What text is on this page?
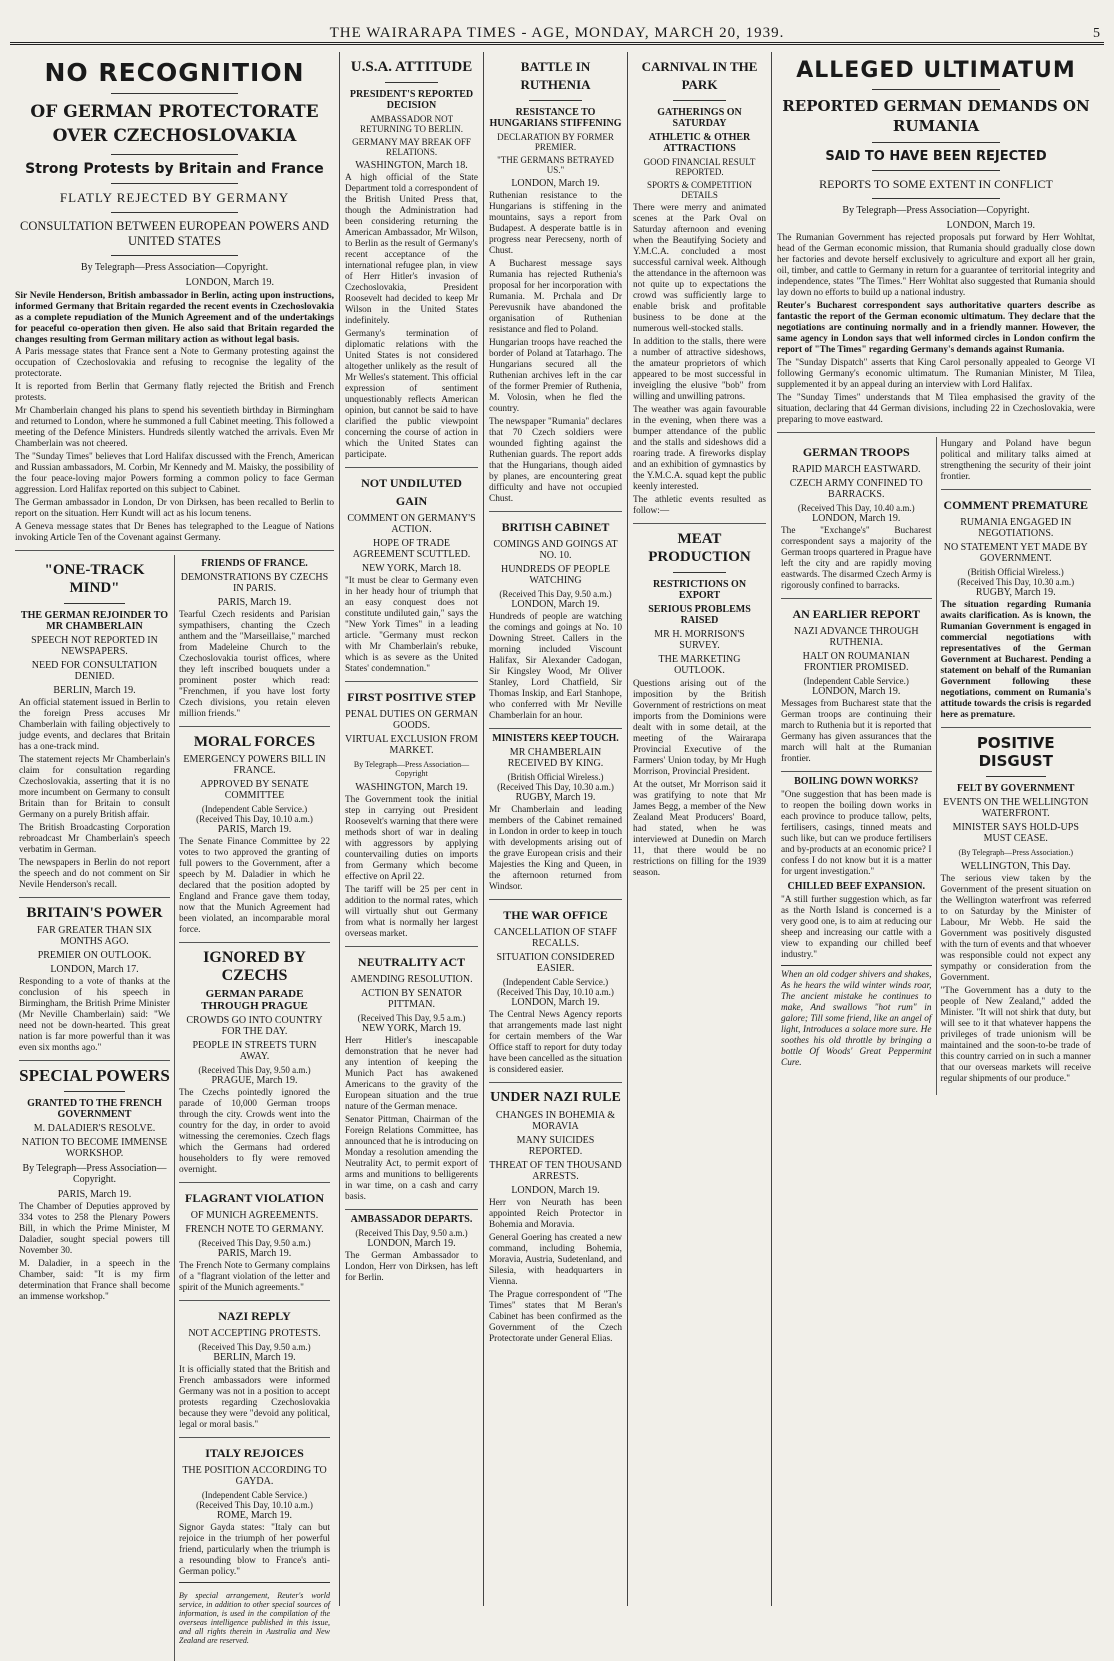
THE WAIRARAPA TIMES - AGE, MONDAY, MARCH 20, 1939.	5
NO RECOGNITION
OF GERMAN PROTECTORATE OVER CZECHOSLOVAKIA
Strong Protests by Britain and France
FLATLY REJECTED BY GERMANY
CONSULTATION BETWEEN EUROPEAN POWERS AND UNITED STATES
By Telegraph—Press Association—Copyright.
LONDON, March 19.

Sir Nevile Henderson, British ambassador in Berlin, acting upon instructions, informed Germany that Britain regarded the recent events in Czechoslovakia as a complete repudiation of the Munich Agreement and of the undertakings for peaceful co-operation then given. He also said that Britain regarded the changes resulting from German military action as without legal basis.

A Paris message states that France sent a Note to Germany protesting against the occupation of Czechoslovakia and refusing to recognise the legality of the protectorate.

It is reported from Berlin that Germany flatly rejected the British and French protests.

Mr Chamberlain changed his plans to spend his seventieth birthday in Birmingham and returned to London, where he summoned a full Cabinet meeting. This followed a meeting of the Defence Ministers. Hundreds silently watched the arrivals. Even Mr Chamberlain was not cheered.

The "Sunday Times" believes that Lord Halifax discussed with the French, American and Russian ambassadors, M. Corbin, Mr Kennedy and M. Maisky, the possibility of the four peace-loving major Powers forming a common policy to face German aggression. Lord Halifax reported on this subject to Cabinet.

The German ambassador in London, Dr von Dirksen, has been recalled to Berlin to report on the situation. Herr Kundt will act as his locum tenens.

A Geneva message states that Dr Benes has telegraphed to the League of Nations invoking Article Ten of the Covenant against Germany.

"ONE-TRACK MIND"
THE GERMAN REJOINDER TO MR CHAMBERLAIN
SPEECH NOT REPORTED IN NEWSPAPERS.
NEED FOR CONSULTATION DENIED.
BERLIN, March 19.

An official statement issued in Berlin to the foreign Press accuses Mr Chamberlain with failing objectively to judge events, and declares that Britain has a one-track mind.

The statement rejects Mr Chamberlain's claim for consultation regarding Czechoslovakia, asserting that it is no more incumbent on Germany to consult Britain than for Britain to consult Germany on a purely British affair.

The British Broadcasting Corporation rebroadcast Mr Chamberlain's speech verbatim in German.

The newspapers in Berlin do not report the speech and do not comment on Sir Nevile Henderson's recall.

BRITAIN'S POWER
FAR GREATER THAN SIX MONTHS AGO.
PREMIER ON OUTLOOK.
LONDON, March 17.

Responding to a vote of thanks at the conclusion of his speech in Birmingham, the British Prime Minister (Mr Neville Chamberlain) said: "We need not be down-hearted. This great nation is far more powerful than it was even six months ago."

SPECIAL POWERS
GRANTED TO THE FRENCH GOVERNMENT
M. DALADIER'S RESOLVE.
NATION TO BECOME IMMENSE WORKSHOP.
By Telegraph—Press Association—Copyright.
PARIS, March 19.

The Chamber of Deputies approved by 334 votes to 258 the Plenary Powers Bill, in which the Prime Minister, M Daladier, sought special powers till November 30.

M. Daladier, in a speech in the Chamber, said: "It is my firm determination that France shall become an immense workshop."

FRIENDS OF FRANCE.
DEMONSTRATIONS BY CZECHS IN PARIS.
PARIS, March 19.

Tearful Czech residents and Parisian sympathisers, chanting the Czech anthem and the "Marseillaise," marched from Madeleine Church to the Czechoslovakia tourist offices, where they left inscribed bouquets under a prominent poster which read: "Frenchmen, if you have lost forty Czech divisions, you retain eleven million friends."

MORAL FORCES
EMERGENCY POWERS BILL IN FRANCE.
APPROVED BY SENATE COMMITTEE
(Independent Cable Service.)
(Received This Day, 10.10 a.m.)
PARIS, March 19.

The Senate Finance Committee by 22 votes to two approved the granting of full powers to the Government, after a speech by M. Daladier in which he declared that the position adopted by England and France gave them today, now that the Munich Agreement had been violated, an incomparable moral force.

IGNORED BY CZECHS
GERMAN PARADE THROUGH PRAGUE
CROWDS GO INTO COUNTRY FOR THE DAY.
PEOPLE IN STREETS TURN AWAY.
(Received This Day, 9.50 a.m.)
PRAGUE, March 19.

The Czechs pointedly ignored the parade of 10,000 German troops through the city. Crowds went into the country for the day, in order to avoid witnessing the ceremonies. Czech flags which the Germans had ordered householders to fly were removed overnight.

FLAGRANT VIOLATION
OF MUNICH AGREEMENTS.
FRENCH NOTE TO GERMANY.
(Received This Day, 9.50 a.m.)
PARIS, March 19.

The French Note to Germany complains of a "flagrant violation of the letter and spirit of the Munich agreements."

NAZI REPLY
NOT ACCEPTING PROTESTS.
(Received This Day, 9.50 a.m.)
BERLIN, March 19.

It is officially stated that the British and French ambassadors were informed Germany was not in a position to accept protests regarding Czechoslovakia because they were "devoid any political, legal or moral basis."

ITALY REJOICES
THE POSITION ACCORDING TO GAYDA.
(Independent Cable Service.)
(Received This Day, 10.10 a.m.)
ROME, March 19.

Signor Gayda states: "Italy can but rejoice in the triumph of her powerful friend, particularly when the triumph is a resounding blow to France's anti-German policy."

By special arrangement, Reuter's world service, in addition to other special sources of information, is used in the compilation of the overseas intelligence published in this issue, and all rights therein in Australia and New Zealand are reserved.

U.S.A. ATTITUDE
PRESIDENT'S REPORTED DECISION
AMBASSADOR NOT RETURNING TO BERLIN.
GERMANY MAY BREAK OFF RELATIONS.
WASHINGTON, March 18.

A high official of the State Department told a correspondent of the British United Press that, though the Administration had been considering returning the American Ambassador, Mr Wilson, to Berlin as the result of Germany's recent acceptance of the international refugee plan, in view of Herr Hitler's invasion of Czechoslovakia, President Roosevelt had decided to keep Mr Wilson in the United States indefinitely.

Germany's termination of diplomatic relations with the United States is not considered altogether unlikely as the result of Mr Welles's statement. This official expression of sentiment unquestionably reflects American opinion, but cannot be said to have clarified the public viewpoint concerning the course of action in which the United States can participate.

NOT UNDILUTED GAIN
COMMENT ON GERMANY'S ACTION.
HOPE OF TRADE AGREEMENT SCUTTLED.
NEW YORK, March 18.

"It must be clear to Germany even in her heady hour of triumph that an easy conquest does not constitute undiluted gain," says the "New York Times" in a leading article. "Germany must reckon with Mr Chamberlain's rebuke, which is as severe as the United States' condemnation."

FIRST POSITIVE STEP
PENAL DUTIES ON GERMAN GOODS.
VIRTUAL EXCLUSION FROM MARKET.
By Telegraph—Press Association—Copyright
WASHINGTON, March 19.

The Government took the initial step in carrying out President Roosevelt's warning that there were methods short of war in dealing with aggressors by applying countervailing duties on imports from Germany which become effective on April 22.

The tariff will be 25 per cent in addition to the normal rates, which will virtually shut out Germany from what is normally her largest overseas market.

NEUTRALITY ACT
AMENDING RESOLUTION.
ACTION BY SENATOR PITTMAN.
(Received This Day, 9.5 a.m.)
NEW YORK, March 19.

Herr Hitler's inescapable demonstration that he never had any intention of keeping the Munich Pact has awakened Americans to the gravity of the European situation and the true nature of the German menace.

Senator Pittman, Chairman of the Foreign Relations Committee, has announced that he is introducing on Monday a resolution amending the Neutrality Act, to permit export of arms and munitions to belligerents in war time, on a cash and carry basis.

AMBASSADOR DEPARTS.
(Received This Day, 9.50 a.m.)
LONDON, March 19.

The German Ambassador to London, Herr von Dirksen, has left for Berlin.

BATTLE IN RUTHENIA
RESISTANCE TO HUNGARIANS STIFFENING
DECLARATION BY FORMER PREMIER.
"THE GERMANS BETRAYED US."
LONDON, March 19.

Ruthenian resistance to the Hungarians is stiffening in the mountains, says a report from Budapest. A desperate battle is in progress near Perecseny, north of Chust.

A Bucharest message says Rumania has rejected Ruthenia's proposal for her incorporation with Rumania. M. Prchala and Dr Perevusnik have abandoned the organisation of Ruthenian resistance and fled to Poland.

Hungarian troops have reached the border of Poland at Tatarhago. The Hungarians secured all the Ruthenian archives left in the car of the former Premier of Ruthenia, M. Volosin, when he fled the country.

The newspaper "Rumania" declares that 70 Czech soldiers were wounded fighting against the Ruthenian guards. The report adds that the Hungarians, though aided by planes, are encountering great difficulty and have not occupied Chust.

BRITISH CABINET
COMINGS AND GOINGS AT NO. 10.
HUNDREDS OF PEOPLE WATCHING
(Received This Day, 9.50 a.m.)
LONDON, March 19.

Hundreds of people are watching the comings and goings at No. 10 Downing Street. Callers in the morning included Viscount Halifax, Sir Alexander Cadogan, Sir Kingsley Wood, Mr Oliver Stanley, Lord Chatfield, Sir Thomas Inskip, and Earl Stanhope, who conferred with Mr Neville Chamberlain for an hour.

MINISTERS KEEP TOUCH.
MR CHAMBERLAIN RECEIVED BY KING.
(British Official Wireless.)
(Received This Day, 10.30 a.m.)
RUGBY, March 19.

Mr Chamberlain and leading members of the Cabinet remained in London in order to keep in touch with developments arising out of the grave European crisis and their Majesties the King and Queen, in the afternoon returned from Windsor.

THE WAR OFFICE
CANCELLATION OF STAFF RECALLS.
SITUATION CONSIDERED EASIER.
(Independent Cable Service.)
(Received This Day, 10.10 a.m.)
LONDON, March 19.

The Central News Agency reports that arrangements made last night for certain members of the War Office staff to report for duty today have been cancelled as the situation is considered easier.

UNDER NAZI RULE
CHANGES IN BOHEMIA & MORAVIA
MANY SUICIDES REPORTED.
THREAT OF TEN THOUSAND ARRESTS.
LONDON, March 19.

Herr von Neurath has been appointed Reich Protector in Bohemia and Moravia.

General Goering has created a new command, including Bohemia, Moravia, Austria, Sudetenland, and Silesia, with headquarters in Vienna.

The Prague correspondent of "The Times" states that M Beran's Cabinet has been confirmed as the Government of the Czech Protectorate under General Elias.

CARNIVAL IN THE PARK
GATHERINGS ON SATURDAY
ATHLETIC & OTHER ATTRACTIONS
GOOD FINANCIAL RESULT REPORTED.
SPORTS & COMPETITION DETAILS

There were merry and animated scenes at the Park Oval on Saturday afternoon and evening when the Beautifying Society and Y.M.C.A. concluded a most successful carnival week. Although the attendance in the afternoon was not quite up to expectations the crowd was sufficiently large to enable brisk and profitable business to be done at the numerous well-stocked stalls.

In addition to the stalls, there were a number of attractive sideshows, the amateur proprietors of which appeared to be most successful in inveigling the elusive "bob" from willing and unwilling patrons.

The weather was again favourable in the evening, when there was a bumper attendance of the public and the stalls and sideshows did a roaring trade. A fireworks display and an exhibition of gymnastics by the Y.M.C.A. squad kept the public keenly interested.

The athletic events resulted as follow:—

MEAT PRODUCTION
RESTRICTIONS ON EXPORT
SERIOUS PROBLEMS RAISED
MR H. MORRISON'S SURVEY.
THE MARKETING OUTLOOK.

Questions arising out of the imposition by the British Government of restrictions on meat imports from the Dominions were dealt with in some detail, at the meeting of the Wairarapa Provincial Executive of the Farmers' Union today, by Mr Hugh Morrison, Provincial President.

At the outset, Mr Morrison said it was gratifying to note that Mr James Begg, a member of the New Zealand Meat Producers' Board, had stated, when he was interviewed at Dunedin on March 11, that there would be no restrictions on filling for the 1939 season.

ALLEGED ULTIMATUM
REPORTED GERMAN DEMANDS ON RUMANIA
SAID TO HAVE BEEN REJECTED
REPORTS TO SOME EXTENT IN CONFLICT
By Telegraph—Press Association—Copyright.
LONDON, March 19.

The Rumanian Government has rejected proposals put forward by Herr Wohltat, head of the German economic mission, that Rumania should gradually close down her factories and devote herself exclusively to agriculture and export all her grain, oil, timber, and cattle to Germany in return for a guarantee of territorial integrity and independence, states "The Times." Herr Wohltat also suggested that Rumania should lay down no efforts to build up a national industry.

Reuter's Bucharest correspondent says authoritative quarters describe as fantastic the report of the German economic ultimatum. They declare that the negotiations are continuing normally and in a friendly manner. However, the same agency in London says that well informed circles in London confirm the report of "The Times" regarding Germany's demands against Rumania.

The "Sunday Dispatch" asserts that King Carol personally appealed to George VI following Germany's economic ultimatum. The Rumanian Minister, M Tilea, supplemented it by an appeal during an interview with Lord Halifax.

The "Sunday Times" understands that M Tilea emphasised the gravity of the situation, declaring that 44 German divisions, including 22 in Czechoslovakia, were preparing to move eastward.

GERMAN TROOPS
RAPID MARCH EASTWARD.
CZECH ARMY CONFINED TO BARRACKS.
(Received This Day, 10.40 a.m.)
LONDON, March 19.

The "Exchange's" Bucharest correspondent says a majority of the German troops quartered in Prague have left the city and are rapidly moving eastwards. The disarmed Czech Army is rigorously confined to barracks.

AN EARLIER REPORT
NAZI ADVANCE THROUGH RUTHENIA.
HALT ON ROUMANIAN FRONTIER PROMISED.
(Independent Cable Service.)
LONDON, March 19.

Messages from Bucharest state that the German troops are continuing their march to Ruthenia but it is reported that Germany has given assurances that the march will halt at the Rumanian frontier.

BOILING DOWN WORKS?

"One suggestion that has been made is to reopen the boiling down works in each province to produce tallow, pelts, fertilisers, casings, tinned meats and such like, but can we produce fertilisers and by-products at an economic price? I confess I do not know but it is a matter for urgent investigation."

CHILLED BEEF EXPANSION.

"A still further suggestion which, as far as the North Island is concerned is a very good one, is to aim at reducing our sheep and increasing our cattle with a view to expanding our chilled beef industry."

When an old codger shivers and shakes, As he hears the wild winter winds roar, The ancient mistake he continues to make, And swallows "hot rum" in galore; Till some friend, like an angel of light, Introduces a solace more sure. He soothes his old throttle by bringing a bottle Of Woods' Great Peppermint Cure.

Hungary and Poland have begun political and military talks aimed at strengthening the security of their joint frontier.

COMMENT PREMATURE
RUMANIA ENGAGED IN NEGOTIATIONS.
NO STATEMENT YET MADE BY GOVERNMENT.
(British Official Wireless.)
(Received This Day, 10.30 a.m.)
RUGBY, March 19.

The situation regarding Rumania awaits clarification. As is known, the Rumanian Government is engaged in commercial negotiations with representatives of the German Government at Bucharest. Pending a statement on behalf of the Rumanian Government following these negotiations, comment on Rumania's attitude towards the crisis is regarded here as premature.

POSITIVE DISGUST
FELT BY GOVERNMENT
EVENTS ON THE WELLINGTON WATERFRONT.
MINISTER SAYS HOLD-UPS MUST CEASE.
(By Telegraph—Press Association.)
WELLINGTON, This Day.

The serious view taken by the Government of the present situation on the Wellington waterfront was referred to on Saturday by the Minister of Labour, Mr Webb. He said the Government was positively disgusted with the turn of events and that whoever was responsible could not expect any sympathy or consideration from the Government.

"The Government has a duty to the people of New Zealand," added the Minister. "It will not shirk that duty, but will see to it that whatever happens the privileges of trade unionism will be maintained and the soon-to-be trade of this country carried on in such a manner that our overseas markets will receive regular shipments of our produce."
